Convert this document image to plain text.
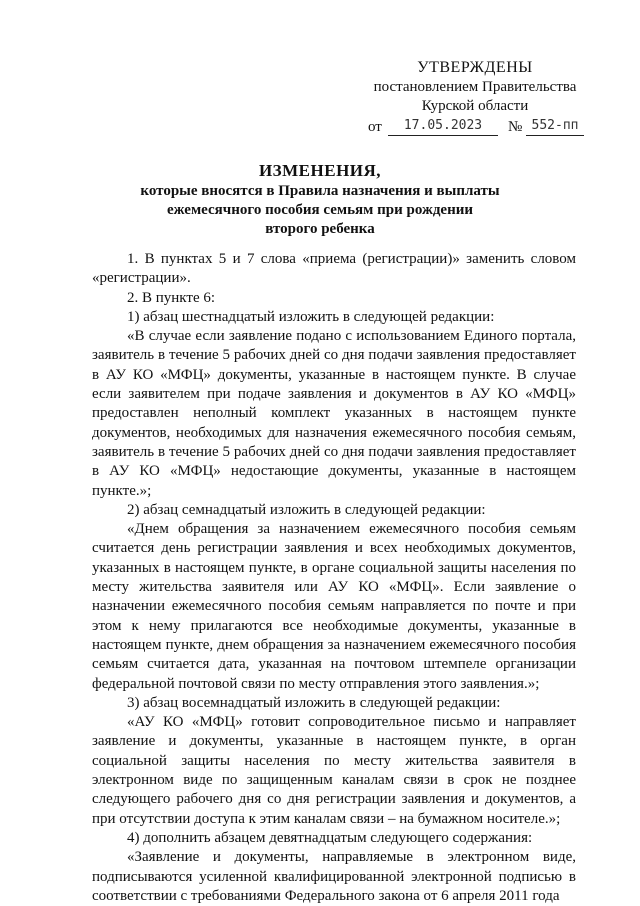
УТВЕРЖДЕНЫ
постановлением Правительства
Курской области
от	17.05.2023	№ 552-пп
ИЗМЕНЕНИЯ,
которые вносятся в Правила назначения и выплаты
ежемесячного пособия семьям при рождении
второго ребенка

1. В пунктах 5 и 7 слова «приема (регистрации)» заменить словом «регистрации».

2. В пункте 6:

1) абзац шестнадцатый изложить в следующей редакции:

«В случае если заявление подано с использованием Единого портала, заявитель в течение 5 рабочих дней со дня подачи заявления предоставляет в АУ КО «МФЦ» документы, указанные в настоящем пункте. В случае если заявителем при подаче заявления и документов в АУ КО «МФЦ» предоставлен неполный комплект указанных в настоящем пункте документов, необходимых для назначения ежемесячного пособия семьям, заявитель в течение 5 рабочих дней со дня подачи заявления предоставляет в АУ КО «МФЦ» недостающие документы, указанные в настоящем пункте.»;

2) абзац семнадцатый изложить в следующей редакции:

«Днем обращения за назначением ежемесячного пособия семьям считается день регистрации заявления и всех необходимых документов, указанных в настоящем пункте, в органе социальной защиты населения по месту жительства заявителя или АУ КО «МФЦ». Если заявление о назначении ежемесячного пособия семьям направляется по почте и при этом к нему прилагаются все необходимые документы, указанные в настоящем пункте, днем обращения за назначением ежемесячного пособия семьям считается дата, указанная на почтовом штемпеле организации федеральной почтовой связи по месту отправления этого заявления.»;

3) абзац восемнадцатый изложить в следующей редакции:

«АУ КО «МФЦ» готовит сопроводительное письмо и направляет заявление и документы, указанные в настоящем пункте, в орган социальной защиты населения по месту жительства заявителя в электронном виде по защищенным каналам связи в срок не позднее следующего рабочего дня со дня регистрации заявления и документов, а при отсутствии доступа к этим каналам связи – на бумажном носителе.»;

4) дополнить абзацем девятнадцатым следующего содержания:

«Заявление и документы, направляемые в электронном виде, подписываются усиленной квалифицированной электронной подписью в соответствии с требованиями Федерального закона от 6 апреля 2011 года
